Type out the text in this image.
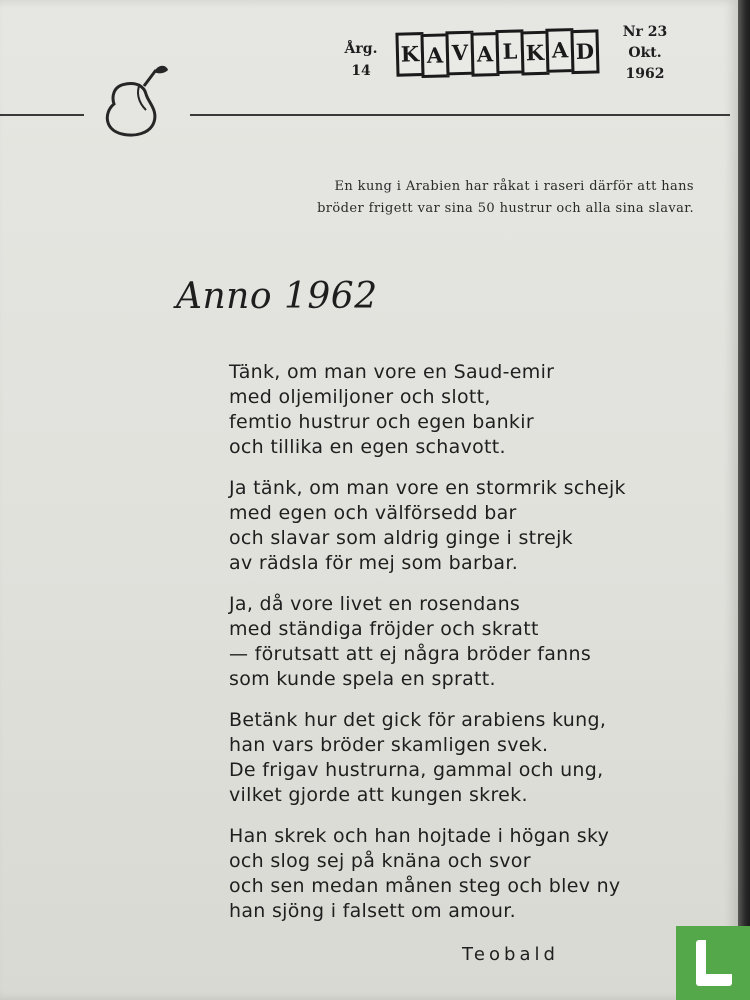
Årg.
14
K A V A L K A D
Nr 23
Okt.
1962
En kung i Arabien har råkat i raseri därför att hans
bröder frigett var sina 50 hustrur och alla sina slavar.
Anno 1962
Tänk, om man vore en Saud-emir
med oljemiljoner och slott,
femtio hustrur och egen bankir
och tillika en egen schavott.
Ja tänk, om man vore en stormrik schejk
med egen och välförsedd bar
och slavar som aldrig ginge i strejk
av rädsla för mej som barbar.
Ja, då vore livet en rosendans
med ständiga fröjder och skratt
— förutsatt att ej några bröder fanns
som kunde spela en spratt.
Betänk hur det gick för arabiens kung,
han vars bröder skamligen svek.
De frigav hustrurna, gammal och ung,
vilket gjorde att kungen skrek.
Han skrek och han hojtade i högan sky
och slog sej på knäna och svor
och sen medan månen steg och blev ny
han sjöng i falsett om amour.
Teobald
